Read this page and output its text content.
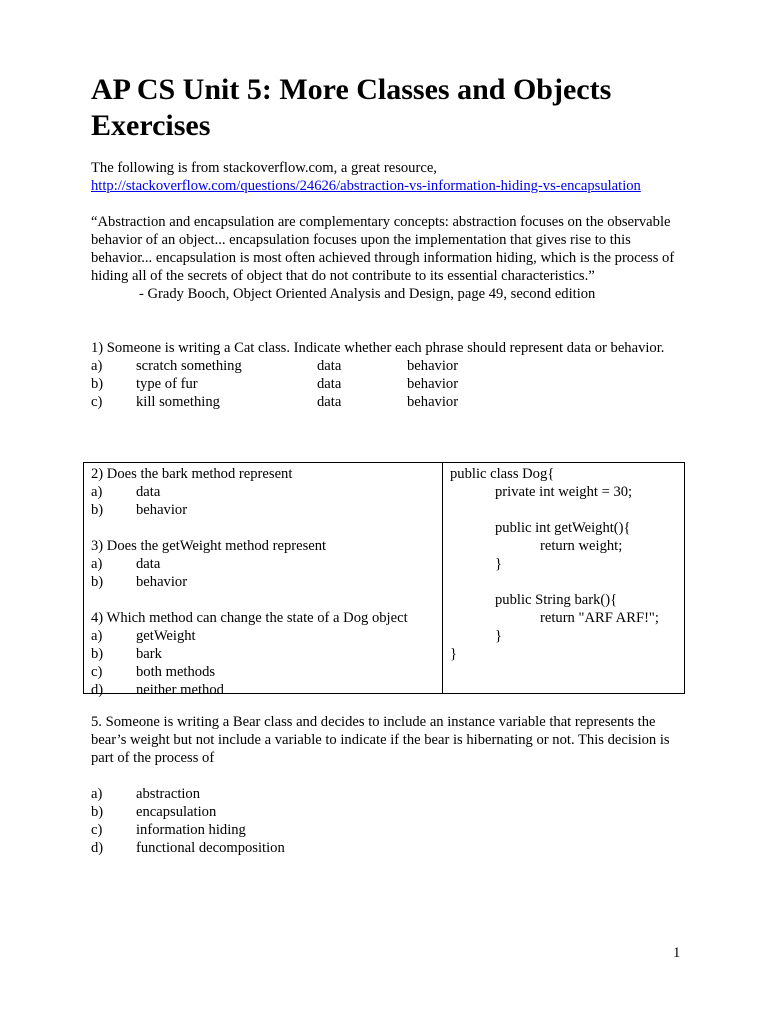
AP CS Unit 5: More Classes and Objects Exercises
The following is from stackoverflow.com, a great resource,
http://stackoverflow.com/questions/24626/abstraction-vs-information-hiding-vs-encapsulation
“Abstraction and encapsulation are complementary concepts: abstraction focuses on the observable behavior of an object... encapsulation focuses upon the implementation that gives rise to this behavior... encapsulation is most often achieved through information hiding, which is the process of hiding all of the secrets of object that do not contribute to its essential characteristics.”
- Grady Booch, Object Oriented Analysis and Design, page 49, second edition
1) Someone is writing a Cat class. Indicate whether each phrase should represent data or behavior.
a) scratch something	data	behavior
b) type of fur	data	behavior
c) kill something	data	behavior
2) Does the bark method represent
a) data
b) behavior
3) Does the getWeight method represent
a) data
b) behavior
4) Which method can change the state of a Dog object
a) getWeight
b) bark
c) both methods
d) neither method
public class Dog{
private int weight = 30;
public int getWeight(){
return weight;
}
public String bark(){
return "ARF ARF!";
}
}
5. Someone is writing a Bear class and decides to include an instance variable that represents the bear’s weight but not include a variable to indicate if the bear is hibernating or not. This decision is part of the process of
a) abstraction
b) encapsulation
c) information hiding
d) functional decomposition
1
